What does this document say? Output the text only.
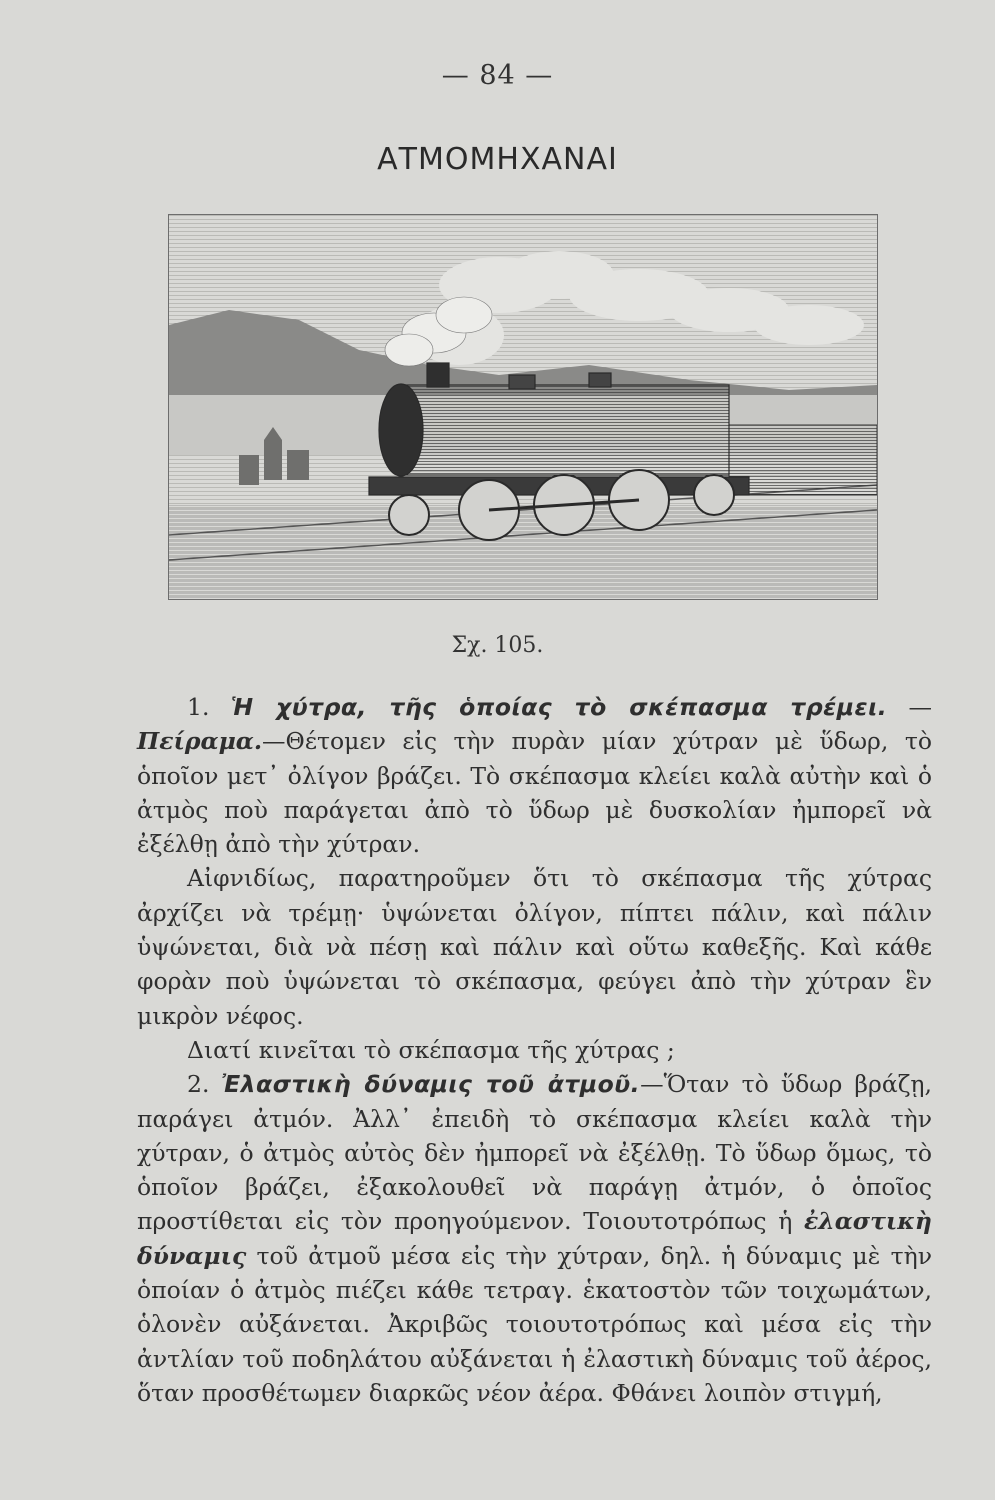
— 84 —
ΑΤΜΟΜΗΧΑΝΑΙ
Σχ. 105.

1. Ἡ χύτρα, τῆς ὁποίας τὸ σκέπασμα τρέμει. — Πείραμα.—Θέτομεν εἰς τὴν πυρὰν μίαν χύτραν μὲ ὕδωρ, τὸ ὁποῖον μετ᾽ ὀλίγον βράζει. Τὸ σκέπασμα κλείει καλὰ αὐτὴν καὶ ὁ ἀτμὸς ποὺ παράγεται ἀπὸ τὸ ὕδωρ μὲ δυσκολίαν ἠμπορεῖ νὰ ἐξέλθῃ ἀπὸ τὴν χύτραν.

Αἰφνιδίως, παρατηροῦμεν ὅτι τὸ σκέπασμα τῆς χύτρας ἀρχίζει νὰ τρέμῃ· ὑψώνεται ὀλίγον, πίπτει πάλιν, καὶ πάλιν ὑψώνεται, διὰ νὰ πέσῃ καὶ πάλιν καὶ οὕτω καθεξῆς. Καὶ κάθε φορὰν ποὺ ὑψώνεται τὸ σκέπασμα, φεύγει ἀπὸ τὴν χύτραν ἓν μικρὸν νέφος.

Διατί κινεῖται τὸ σκέπασμα τῆς χύτρας ;

2. Ἐλαστικὴ δύναμις τοῦ ἀτμοῦ.—Ὅταν τὸ ὕδωρ βράζῃ, παράγει ἀτμόν. Ἀλλ᾽ ἐπειδὴ τὸ σκέπασμα κλείει καλὰ τὴν χύτραν, ὁ ἀτμὸς αὐτὸς δὲν ἠμπορεῖ νὰ ἐξέλθῃ. Τὸ ὕδωρ ὅμως, τὸ ὁποῖον βράζει, ἐξακολουθεῖ νὰ παράγῃ ἀτμόν, ὁ ὁποῖος προστίθεται εἰς τὸν προηγούμενον. Τοιουτοτρόπως ἡ ἐλαστικὴ δύναμις τοῦ ἀτμοῦ μέσα εἰς τὴν χύτραν, δηλ. ἡ δύναμις μὲ τὴν ὁποίαν ὁ ἀτμὸς πιέζει κάθε τετραγ. ἑκατοστὸν τῶν τοιχωμάτων, ὁλονὲν αὐξάνεται. Ἀκριβῶς τοιουτοτρόπως καὶ μέσα εἰς τὴν ἀντλίαν τοῦ ποδηλάτου αὐξάνεται ἡ ἐλαστικὴ δύναμις τοῦ ἀέρος, ὅταν προσθέτωμεν διαρκῶς νέον ἀέρα. Φθάνει λοιπὸν στιγμή,
